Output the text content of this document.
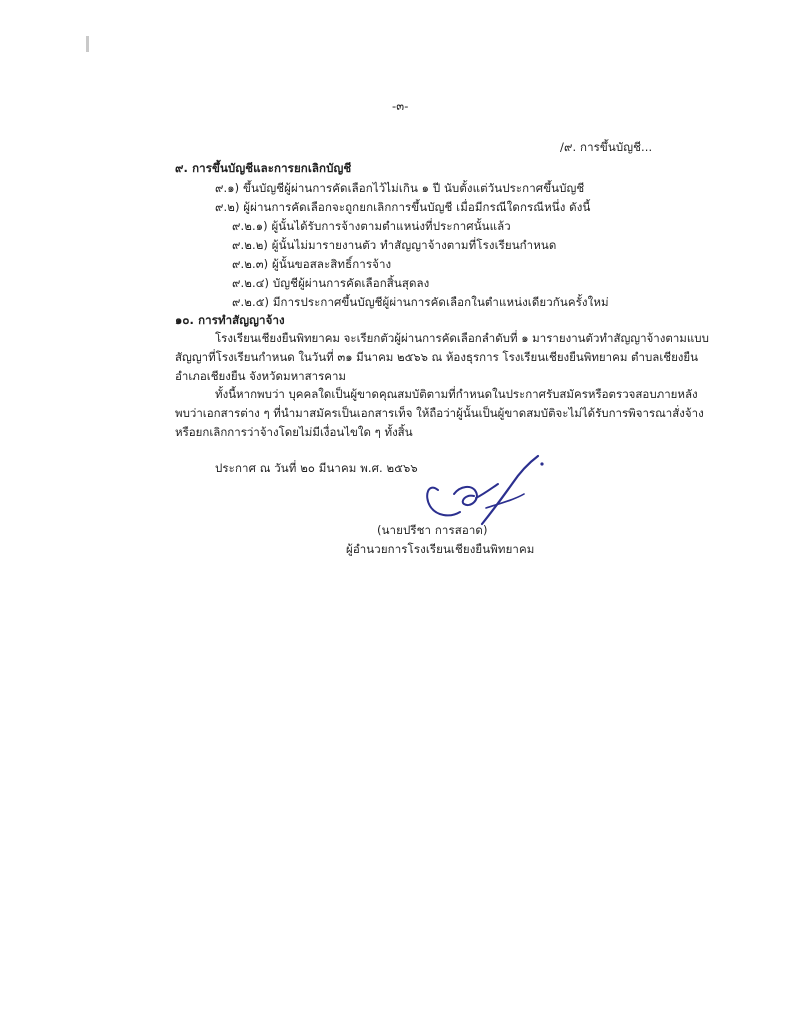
-๓-
/๙. การขึ้นบัญชี...
๙. การขึ้นบัญชีและการยกเลิกบัญชี
๙.๑) ขึ้นบัญชีผู้ผ่านการคัดเลือกไว้ไม่เกิน ๑ ปี นับตั้งแต่วันประกาศขึ้นบัญชี
๙.๒) ผู้ผ่านการคัดเลือกจะถูกยกเลิกการขึ้นบัญชี เมื่อมีกรณีใดกรณีหนึ่ง ดังนี้
๙.๒.๑) ผู้นั้นได้รับการจ้างตามตำแหน่งที่ประกาศนั้นแล้ว
๙.๒.๒) ผู้นั้นไม่มารายงานตัว ทำสัญญาจ้างตามที่โรงเรียนกำหนด
๙.๒.๓) ผู้นั้นขอสละสิทธิ์การจ้าง
๙.๒.๔) บัญชีผู้ผ่านการคัดเลือกสิ้นสุดลง
๙.๒.๕) มีการประกาศขึ้นบัญชีผู้ผ่านการคัดเลือกในตำแหน่งเดียวกันครั้งใหม่
๑๐. การทำสัญญาจ้าง
โรงเรียนเชียงยืนพิทยาคม จะเรียกตัวผู้ผ่านการคัดเลือกลำดับที่ ๑ มารายงานตัวทำสัญญาจ้างตามแบบ
สัญญาที่โรงเรียนกำหนด ในวันที่ ๓๑ มีนาคม ๒๕๖๖ ณ ห้องธุรการ โรงเรียนเชียงยืนพิทยาคม ตำบลเชียงยืน
อำเภอเชียงยืน จังหวัดมหาสารคาม
ทั้งนี้หากพบว่า บุคคลใดเป็นผู้ขาดคุณสมบัติตามที่กำหนดในประกาศรับสมัครหรือตรวจสอบภายหลัง
พบว่าเอกสารต่าง ๆ ที่นำมาสมัครเป็นเอกสารเท็จ ให้ถือว่าผู้นั้นเป็นผู้ขาดสมบัติจะไม่ได้รับการพิจารณาสั่งจ้าง
หรือยกเลิกการว่าจ้างโดยไม่มีเงื่อนไขใด ๆ ทั้งสิ้น
ประกาศ ณ วันที่ ๒๐ มีนาคม พ.ศ. ๒๕๖๖
(นายปรีชา การสอาด)
ผู้อำนวยการโรงเรียนเชียงยืนพิทยาคม
